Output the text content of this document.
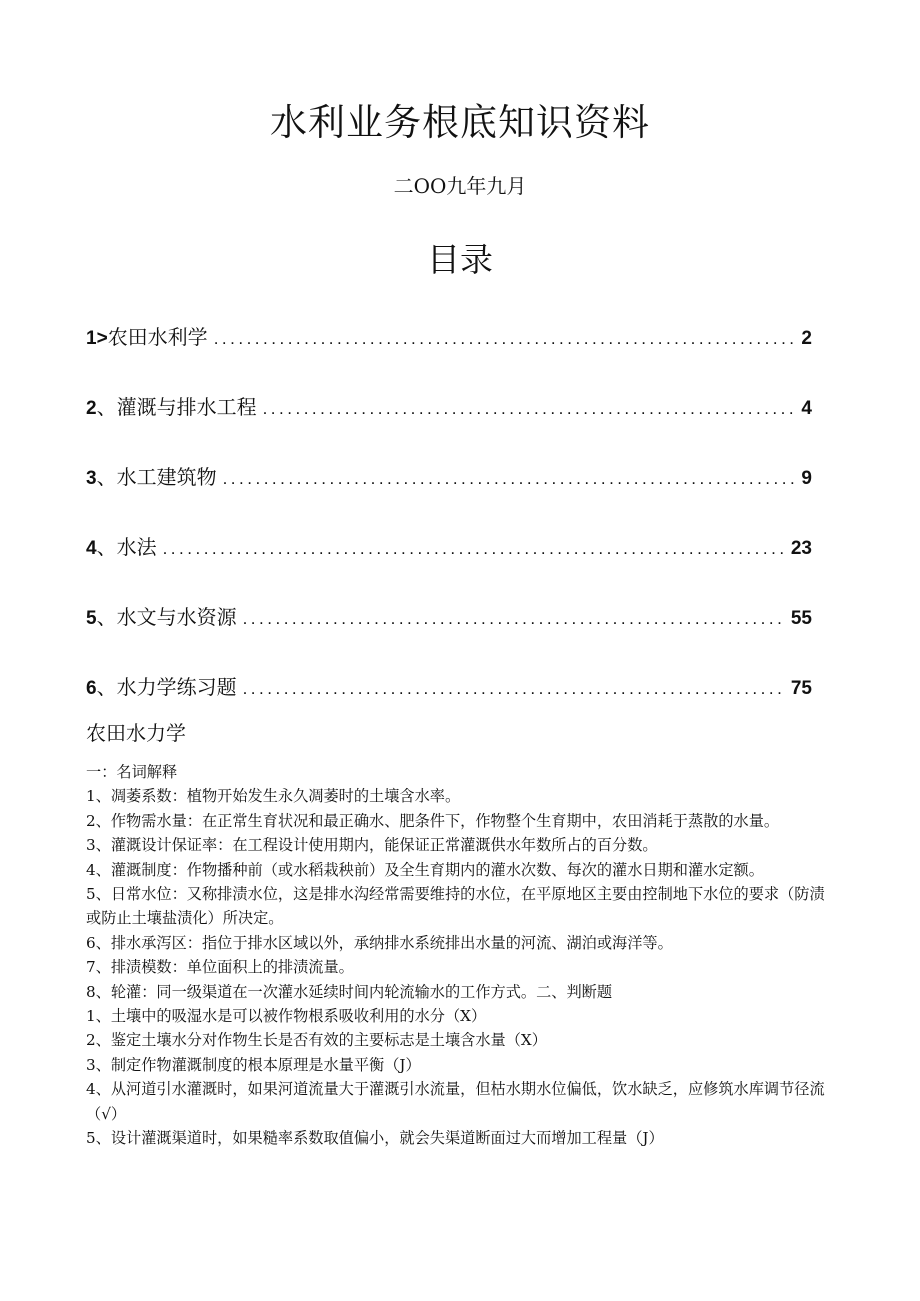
水利业务根底知识资料
二OO九年九月
目录
1 > 农田水利学 .....	2
2 、 灌溉与排水工程 .....	4
3 、 水工建筑物 .....	9
4 、 水法 .....	23
5 、 水文与水资源 .....	55
6 、 水力学练习题 .....	75
农田水力学

一：名词解释

1、凋萎系数：植物开始发生永久凋萎时的土壤含水率。

2、作物需水量：在正常生育状况和最正确水、肥条件下，作物整个生育期中，农田消耗于蒸散的水量。

3、灌溉设计保证率：在工程设计使用期内，能保证正常灌溉供水年数所占的百分数。

4、灌溉制度：作物播种前（或水稻栽秧前）及全生育期内的灌水次数、每次的灌水日期和灌水定额。

5、日常水位：又称排渍水位，这是排水沟经常需要维持的水位，在平原地区主要由控制地下水位的要求（防渍或防止土壤盐渍化）所决定。

6、排水承泻区：指位于排水区域以外，承纳排水系统排出水量的河流、湖泊或海洋等。

7、排渍模数：单位面积上的排渍流量。

8、轮灌：同一级渠道在一次灌水延续时间内轮流输水的工作方式。二、判断题

1、土壤中的吸湿水是可以被作物根系吸收利用的水分（X）

2、鉴定土壤水分对作物生长是否有效的主要标志是土壤含水量（X）

3、制定作物灌溉制度的根本原理是水量平衡（J）

4、从河道引水灌溉时，如果河道流量大于灌溉引水流量，但枯水期水位偏低，饮水缺乏，应修筑水库调节径流（√）

5、设计灌溉渠道时，如果糙率系数取值偏小，就会失渠道断面过大而增加工程量（J）
